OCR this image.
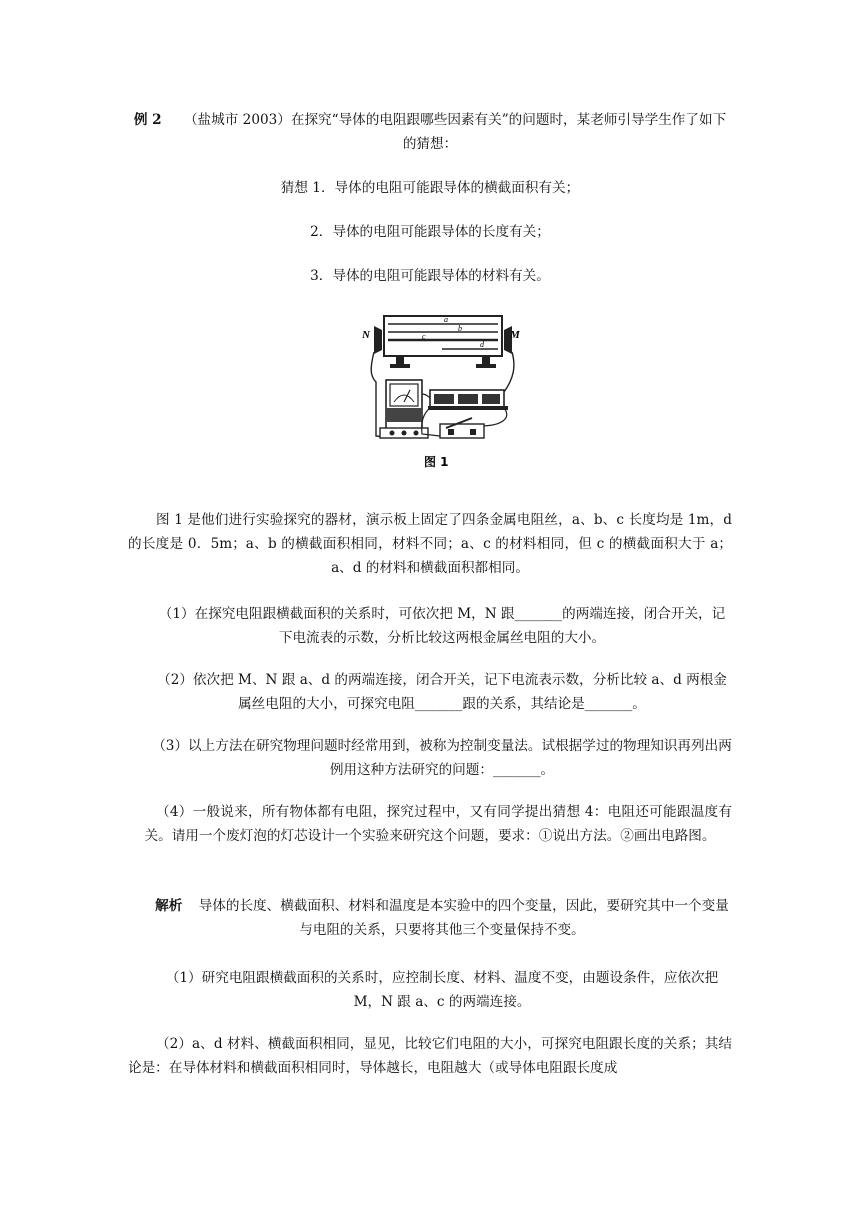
例 2 （盐城市 2003）在探究“导体的电阻跟哪些因素有关”的问题时，某老师引导学生作了如下的猜想：

猜想 1．导体的电阻可能跟导体的横截面积有关；

2．导体的电阻可能跟导体的长度有关；

3．导体的电阻可能跟导体的材料有关。

a
b
c
d
N	M
图 1

图 1 是他们进行实验探究的器材，演示板上固定了四条金属电阻丝，a、b、c 长度均是 1m，d 的长度是 0．5m；a、b 的横截面积相同，材料不同；a、c 的材料相同，但 c 的横截面积大于 a；a、d 的材料和横截面积都相同。

（1）在探究电阻跟横截面积的关系时，可依次把 M，N 跟_______的两端连接，闭合开关，记下电流表的示数，分析比较这两根金属丝电阻的大小。

（2）依次把 M、N 跟 a、d 的两端连接，闭合开关，记下电流表示数，分析比较 a、d 两根金属丝电阻的大小，可探究电阻_______跟的关系，其结论是_______。

（3）以上方法在研究物理问题时经常用到，被称为控制变量法。试根据学过的物理知识再列出两例用这种方法研究的问题：_______。

（4）一般说来，所有物体都有电阻，探究过程中，又有同学提出猜想 4：电阻还可能跟温度有关。请用一个废灯泡的灯芯设计一个实验来研究这个问题，要求：①说出方法。②画出电路图。

解析 导体的长度、横截面积、材料和温度是本实验中的四个变量，因此，要研究其中一个变量与电阻的关系，只要将其他三个变量保持不变。

（1）研究电阻跟横截面积的关系时，应控制长度、材料、温度不变，由题设条件，应依次把 M，N 跟 a、c 的两端连接。

（2）a、d 材料、横截面积相同，显见，比较它们电阻的大小，可探究电阻跟长度的关系；其结论是：在导体材料和横截面积相同时，导体越长，电阻越大（或导体电阻跟长度成
